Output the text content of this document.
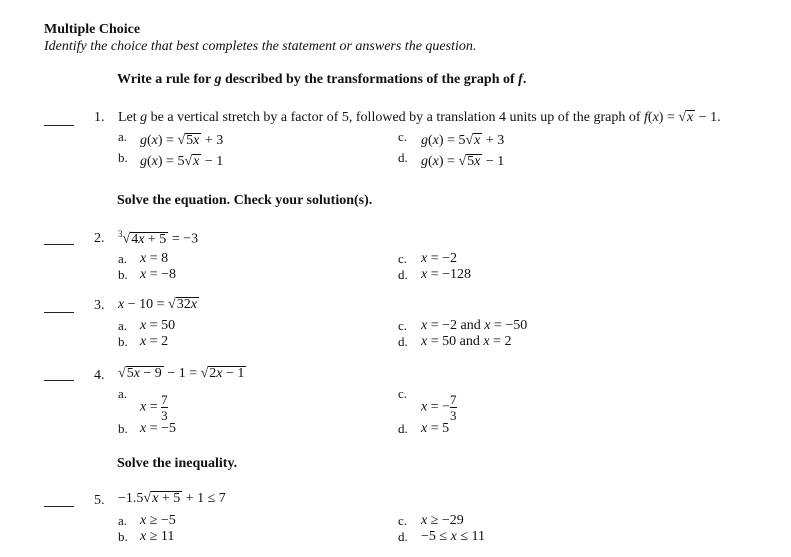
Multiple Choice
Identify the choice that best completes the statement or answers the question.
Write a rule for g described by the transformations of the graph of f.
1. Let g be a vertical stretch by a factor of 5, followed by a translation 4 units up of the graph of f(x) = √x − 1.
a. g(x) = √5x + 3
b. g(x) = 5√x − 1
c. g(x) = 5√x + 3
d. g(x) = √5x − 1
Solve the equation. Check your solution(s).
2. $^3$√4x + 5 = −3
a. x = 8
b. x = −8
c. x = −2
d. x = −128
3. x − 10 = √32x
a. x = 50
b. x = 2
c. x = −2 and x = −50
d. x = 50 and x = 2
4. √5x − 9 − 1 = √2x − 1
a.
$x = \frac{7}{3}$
b. x = −5
c.
x = − $\frac{7}{3}$
d. x = 5
Solve the inequality.
5. −1.5√x + 5 + 1 ≤ 7
a. x ≥ −5
b. x ≥ 11
c. x ≥ −29
d. −5 ≤ x ≤ 11
